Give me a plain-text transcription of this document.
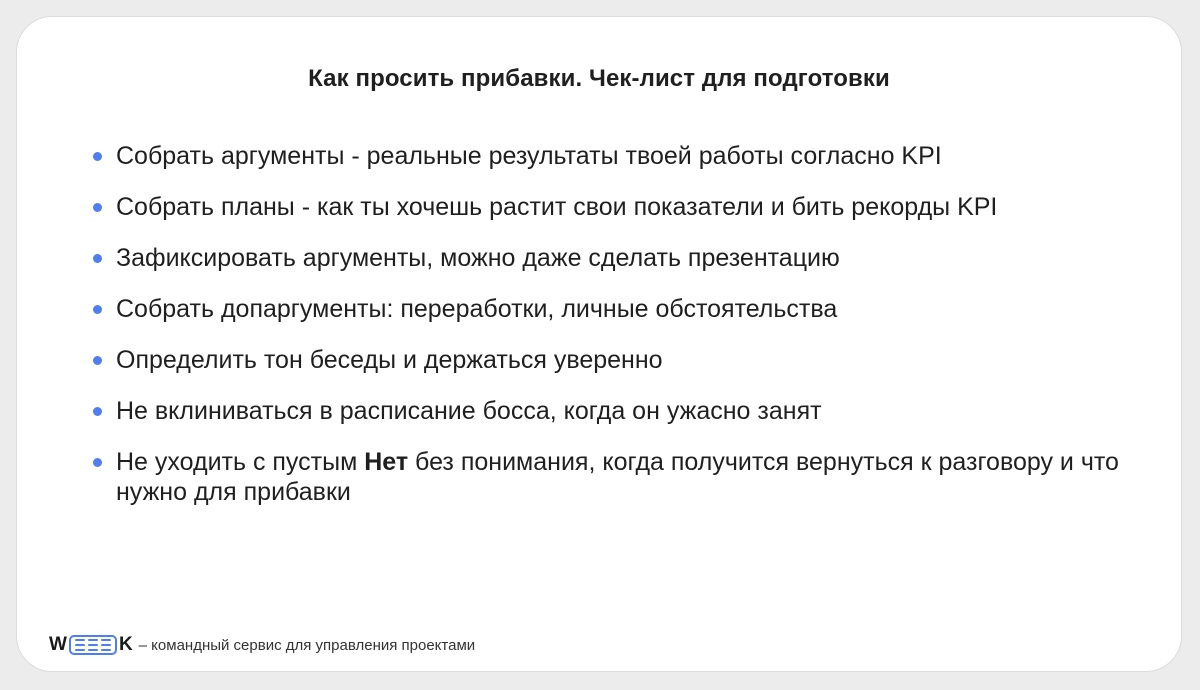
Как просить прибавки. Чек-лист для подготовки
Собрать аргументы - реальные результаты твоей работы согласно KPI
Собрать планы - как ты хочешь растит свои показатели и бить рекорды KPI
Зафиксировать аргументы, можно даже сделать презентацию
Собрать допаргументы: переработки, личные обстоятельства
Определить тон беседы и держаться уверенно
Не вклиниваться в расписание босса, когда он ужасно занят
Не уходить с пустым Нет без понимания, когда получится вернуться к разговору и что нужно для прибавки
W	K – командный сервис для управления проектами
